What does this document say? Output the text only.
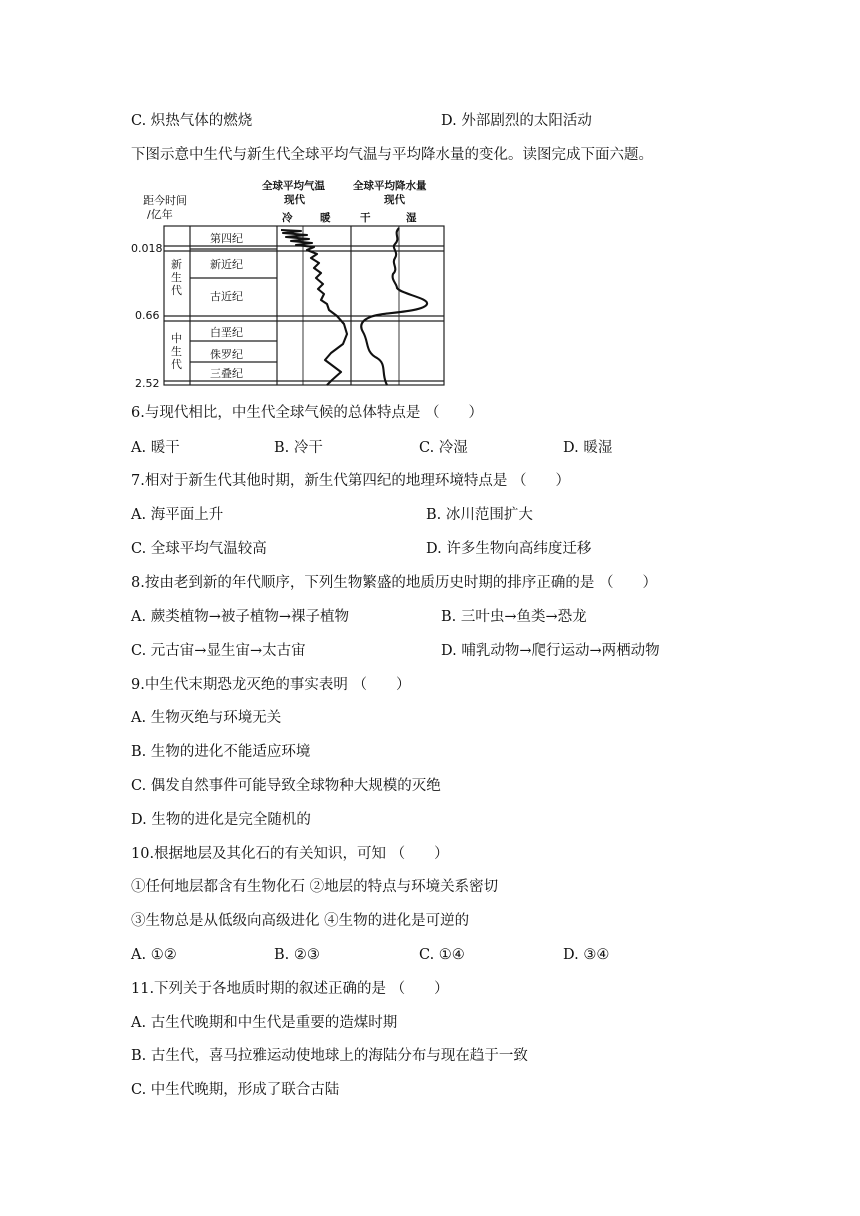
C. 炽热气体的燃烧	D. 外部剧烈的太阳活动
下图示意中生代与新生代全球平均气温与平均降水量的变化。读图完成下面六题。
距今时间
/亿年
全球平均气温
现代
冷	暖
全球平均降水量
现代
干	湿
0.018
0.66
2.52
新
生
代
中
生
代
第四纪
新近纪
古近纪
白垩纪
侏罗纪
三叠纪
6.与现代相比，中生代全球气候的总体特点是 （　　）
A. 暖干	B. 冷干	C. 冷湿	D. 暖湿
7.相对于新生代其他时期，新生代第四纪的地理环境特点是 （　　）
A. 海平面上升	B. 冰川范围扩大
C. 全球平均气温较高	D. 许多生物向高纬度迁移
8.按由老到新的年代顺序，下列生物繁盛的地质历史时期的排序正确的是 （　　）
A. 蕨类植物→被子植物→裸子植物	B. 三叶虫→鱼类→恐龙
C. 元古宙→显生宙→太古宙	D. 哺乳动物→爬行运动→两栖动物
9.中生代末期恐龙灭绝的事实表明 （　　）
A. 生物灭绝与环境无关
B. 生物的进化不能适应环境
C. 偶发自然事件可能导致全球物种大规模的灭绝
D. 生物的进化是完全随机的
10.根据地层及其化石的有关知识，可知 （　　）
①任何地层都含有生物化石 ②地层的特点与环境关系密切
③生物总是从低级向高级进化 ④生物的进化是可逆的
A. ①②	B. ②③	C. ①④	D. ③④
11.下列关于各地质时期的叙述正确的是 （　　）
A. 古生代晚期和中生代是重要的造煤时期
B. 古生代，喜马拉雅运动使地球上的海陆分布与现在趋于一致
C. 中生代晚期，形成了联合古陆
